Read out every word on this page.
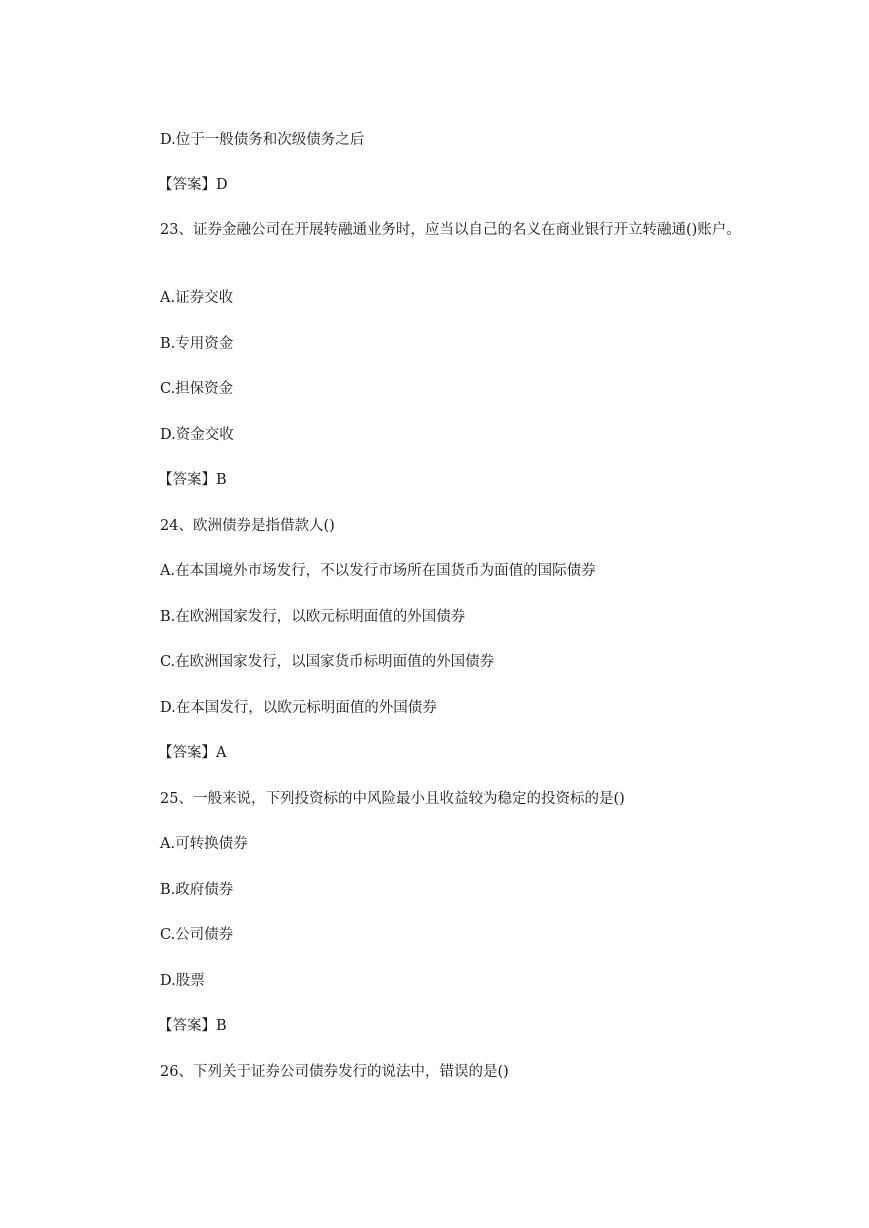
D.位于一般债务和次级债务之后
【答案】D
23、证券金融公司在开展转融通业务时，应当以自己的名义在商业银行开立转融通()账户。
A.证券交收
B.专用资金
C.担保资金
D.资金交收
【答案】B
24、欧洲债券是指借款人()
A.在本国境外市场发行，不以发行市场所在国货币为面值的国际债券
B.在欧洲国家发行，以欧元标明面值的外国债券
C.在欧洲国家发行，以国家货币标明面值的外国债券
D.在本国发行，以欧元标明面值的外国债券
【答案】A
25、一般来说，下列投资标的中风险最小且收益较为稳定的投资标的是()
A.可转换债券
B.政府债券
C.公司债券
D.股票
【答案】B
26、下列关于证券公司债券发行的说法中，错误的是()
